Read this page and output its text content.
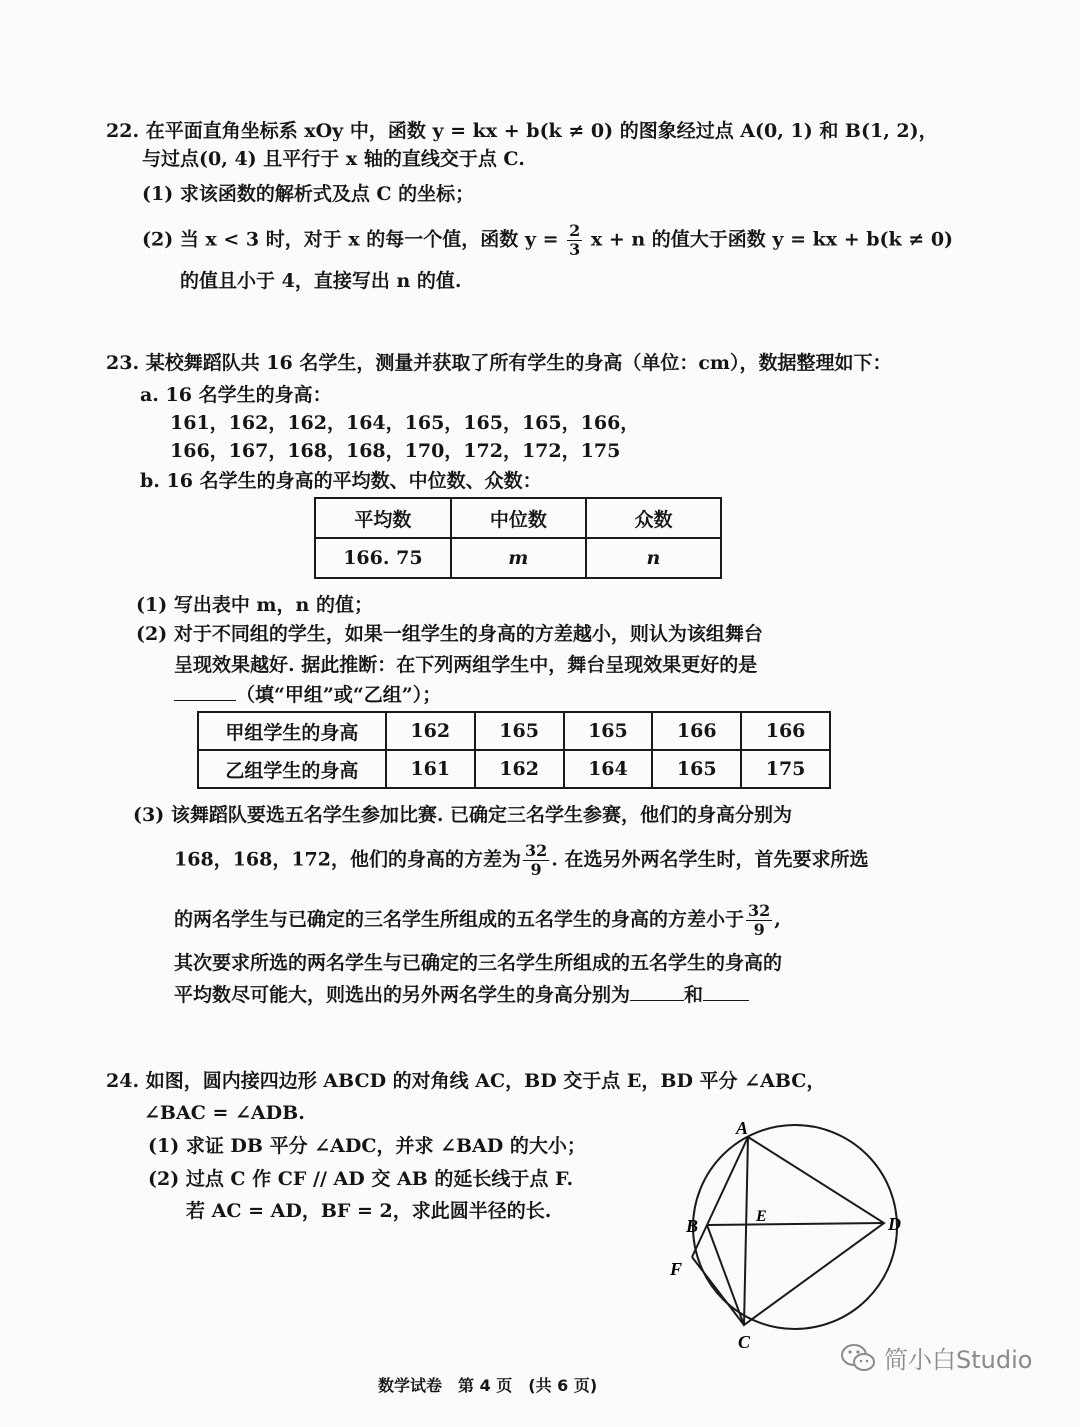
22. 在平面直角坐标系 xOy 中，函数 y = kx + b(k ≠ 0) 的图象经过点 A(0, 1) 和 B(1, 2)，
与过点(0, 4) 且平行于 x 轴的直线交于点 C.
(1) 求该函数的解析式及点 C 的坐标；
(2) 当 x < 3 时，对于 x 的每一个值，函数 $y = \frac{2}{3}$ x + n 的值大于函数 y = kx + b(k ≠ 0)
的值且小于 4，直接写出 n 的值.
23. 某校舞蹈队共 16 名学生，测量并获取了所有学生的身高（单位：cm），数据整理如下：
a. 16 名学生的身高：
161，162，162，164，165，165，165，166，
166，167，168，168，170，172，172，175
b. 16 名学生的身高的平均数、中位数、众数：
平均数	中位数	众数
166. 75	m	n
(1) 写出表中 m，n 的值；
(2) 对于不同组的学生，如果一组学生的身高的方差越小，则认为该组舞台
呈现效果越好. 据此推断：在下列两组学生中，舞台呈现效果更好的是
（填“甲组”或“乙组”）；
甲组学生的身高	162	165	165	166	166
乙组学生的身高	161	162	164	165	175
(3) 该舞蹈队要选五名学生参加比赛. 已确定三名学生参赛，他们的身高分别为
168，168，172，他们的身高的方差为 $\frac{32}{9}$ . 在选另外两名学生时，首先要求所选
的两名学生与已确定的三名学生所组成的五名学生的身高的方差小于 $\frac{32}{9}$ ,
其次要求所选的两名学生与已确定的三名学生所组成的五名学生的身高的
平均数尽可能大，则选出的另外两名学生的身高分别为	和
24. 如图，圆内接四边形 ABCD 的对角线 AC，BD 交于点 E，BD 平分 ∠ABC，
∠BAC = ∠ADB.
(1) 求证 DB 平分 ∠ADC，并求 ∠BAD 的大小；
(2) 过点 C 作 CF // AD 交 AB 的延长线于点 F.
若 AC = AD，BF = 2，求此圆半径的长.
A
B
C
D
E
F
简小白Studio
数学试卷　第 4 页　(共 6 页)
